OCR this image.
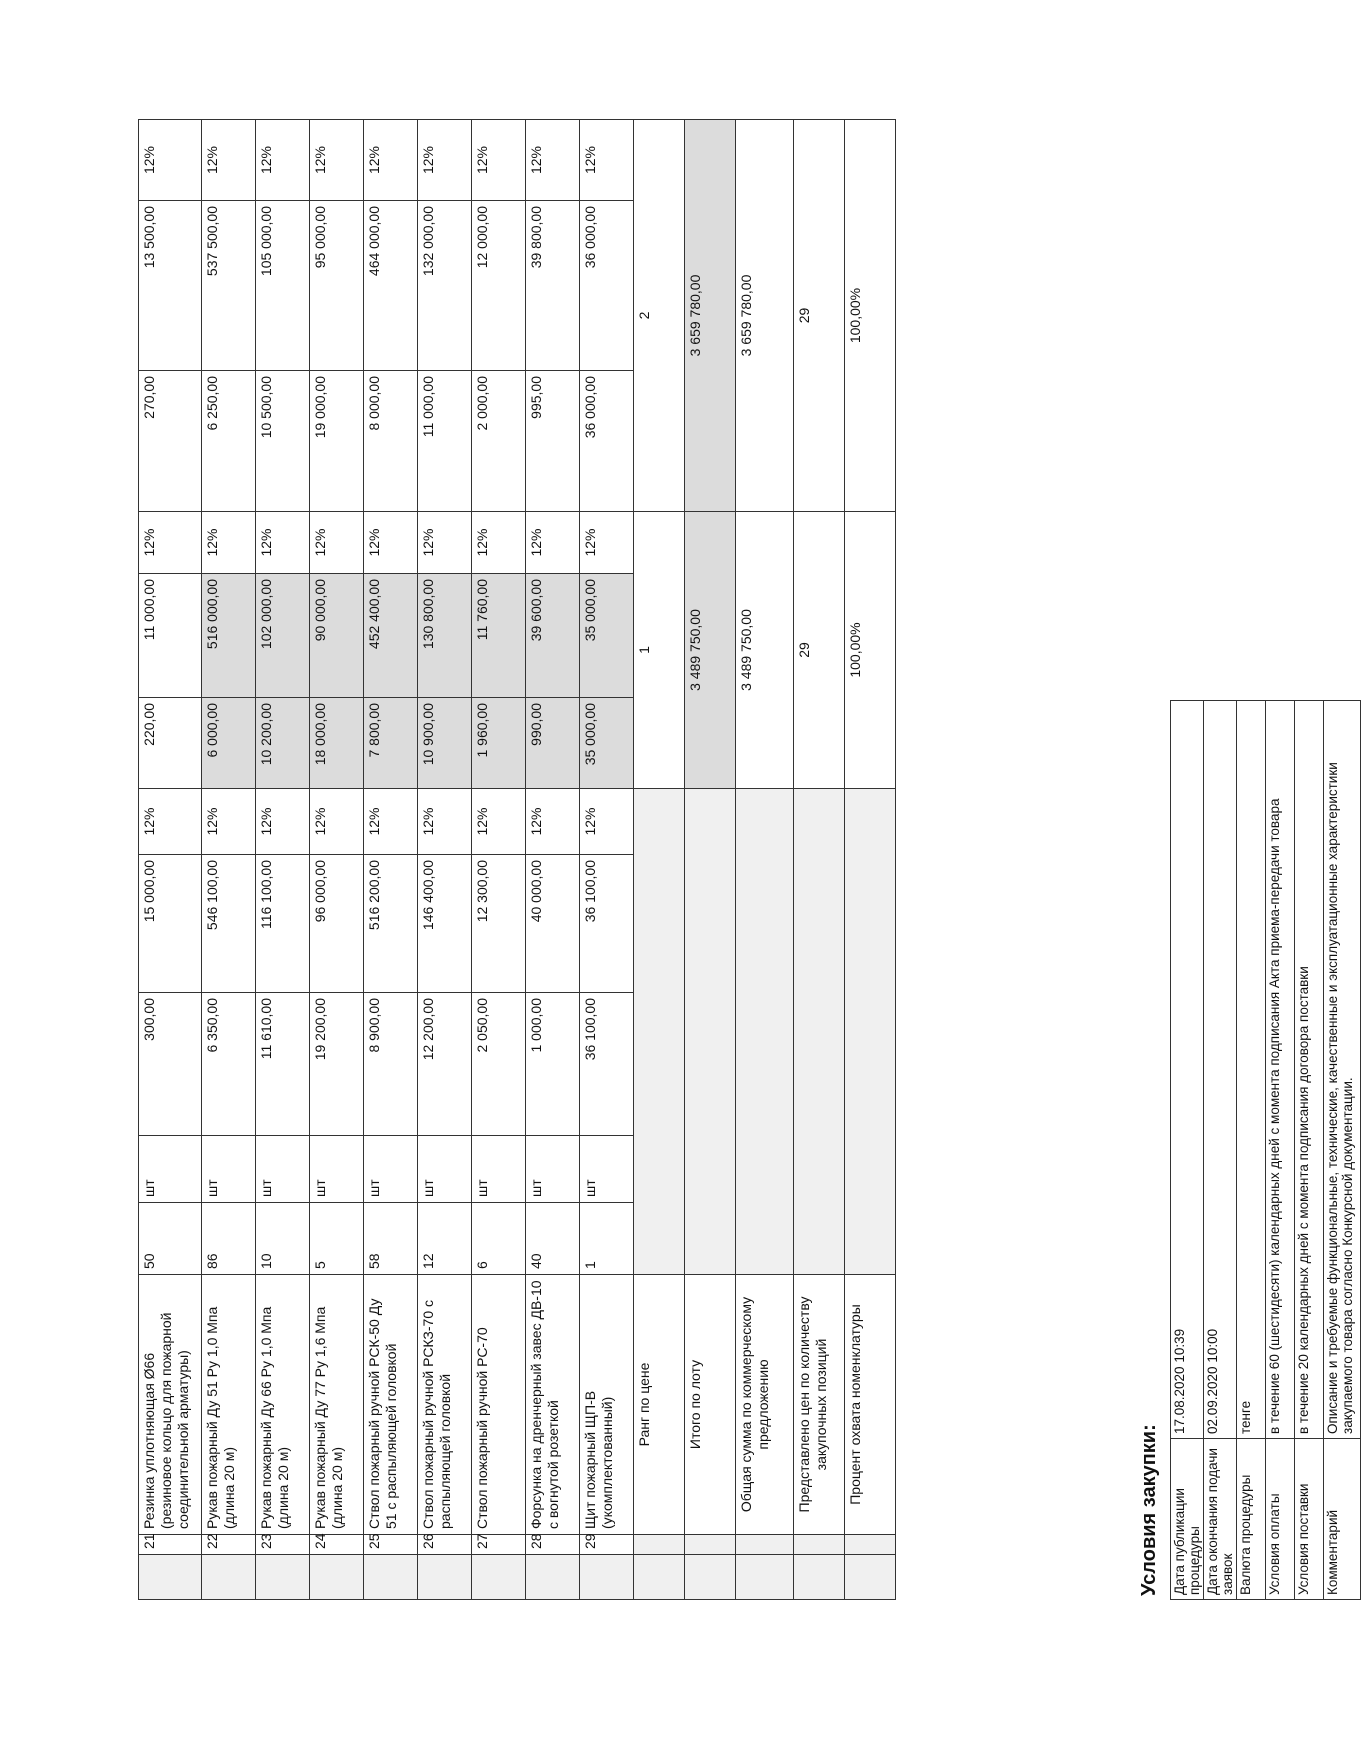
	21	Резинка уплотняющая Ø66 (резиновое кольцо для пожарной соединительной арматуры)	50	шт	300,00	15 000,00	12%	220,00	11 000,00	12%	270,00	13 500,00	12%
	22	Рукав пожарный Ду 51 Ру 1,0 Мпа (длина 20 м)	86	шт	6 350,00	546 100,00	12%	6 000,00	516 000,00	12%	6 250,00	537 500,00	12%
	23	Рукав пожарный Ду 66 Ру 1,0 Мпа (длина 20 м)	10	шт	11 610,00	116 100,00	12%	10 200,00	102 000,00	12%	10 500,00	105 000,00	12%
	24	Рукав пожарный Ду 77 Ру 1,6 Мпа (длина 20 м)	5	шт	19 200,00	96 000,00	12%	18 000,00	90 000,00	12%	19 000,00	95 000,00	12%
	25	Ствол пожарный ручной РСК-50 Ду 51 с распыляющей головкой	58	шт	8 900,00	516 200,00	12%	7 800,00	452 400,00	12%	8 000,00	464 000,00	12%
	26	Ствол пожарный ручной РСКЗ-70 с распыляющей головкой	12	шт	12 200,00	146 400,00	12%	10 900,00	130 800,00	12%	11 000,00	132 000,00	12%
	27	Ствол пожарный ручной РС-70	6	шт	2 050,00	12 300,00	12%	1 960,00	11 760,00	12%	2 000,00	12 000,00	12%
	28	Форсунка на дренчерный завес ДВ-10 с вогнутой розеткой	40	шт	1 000,00	40 000,00	12%	990,00	39 600,00	12%	995,00	39 800,00	12%
	29	Щит пожарный ЩП-В (укомплектованный)	1	шт	36 100,00	36 100,00	12%	35 000,00	35 000,00	12%	36 000,00	36 000,00	12%
		Ранг по цене						1			2		
		Итого по лоту						3 489 750,00			3 659 780,00		
		Общая сумма по коммерческому предложению						3 489 750,00			3 659 780,00		
		Представлено цен по количеству закупочных позиций						29			29		
		Процент охвата номенклатуры						100,00%			100,00%		
Условия закупки: Дата публикации процедуры	17.08.2020 10:39
Дата окончания подачи заявок	02.09.2020 10:00
Валюта процедуры	тенге
Условия оплаты	в течение 60 (шестидесяти) календарных дней с момента подписания Акта приема-передачи товара
Условия поставки	в течение 20 календарных дней с момента подписания договора поставки
Комментарий	Описание и требуемые функциональные, технические, качественные и эксплуатационные характеристики закупаемого товара согласно Конкурсной документации.
